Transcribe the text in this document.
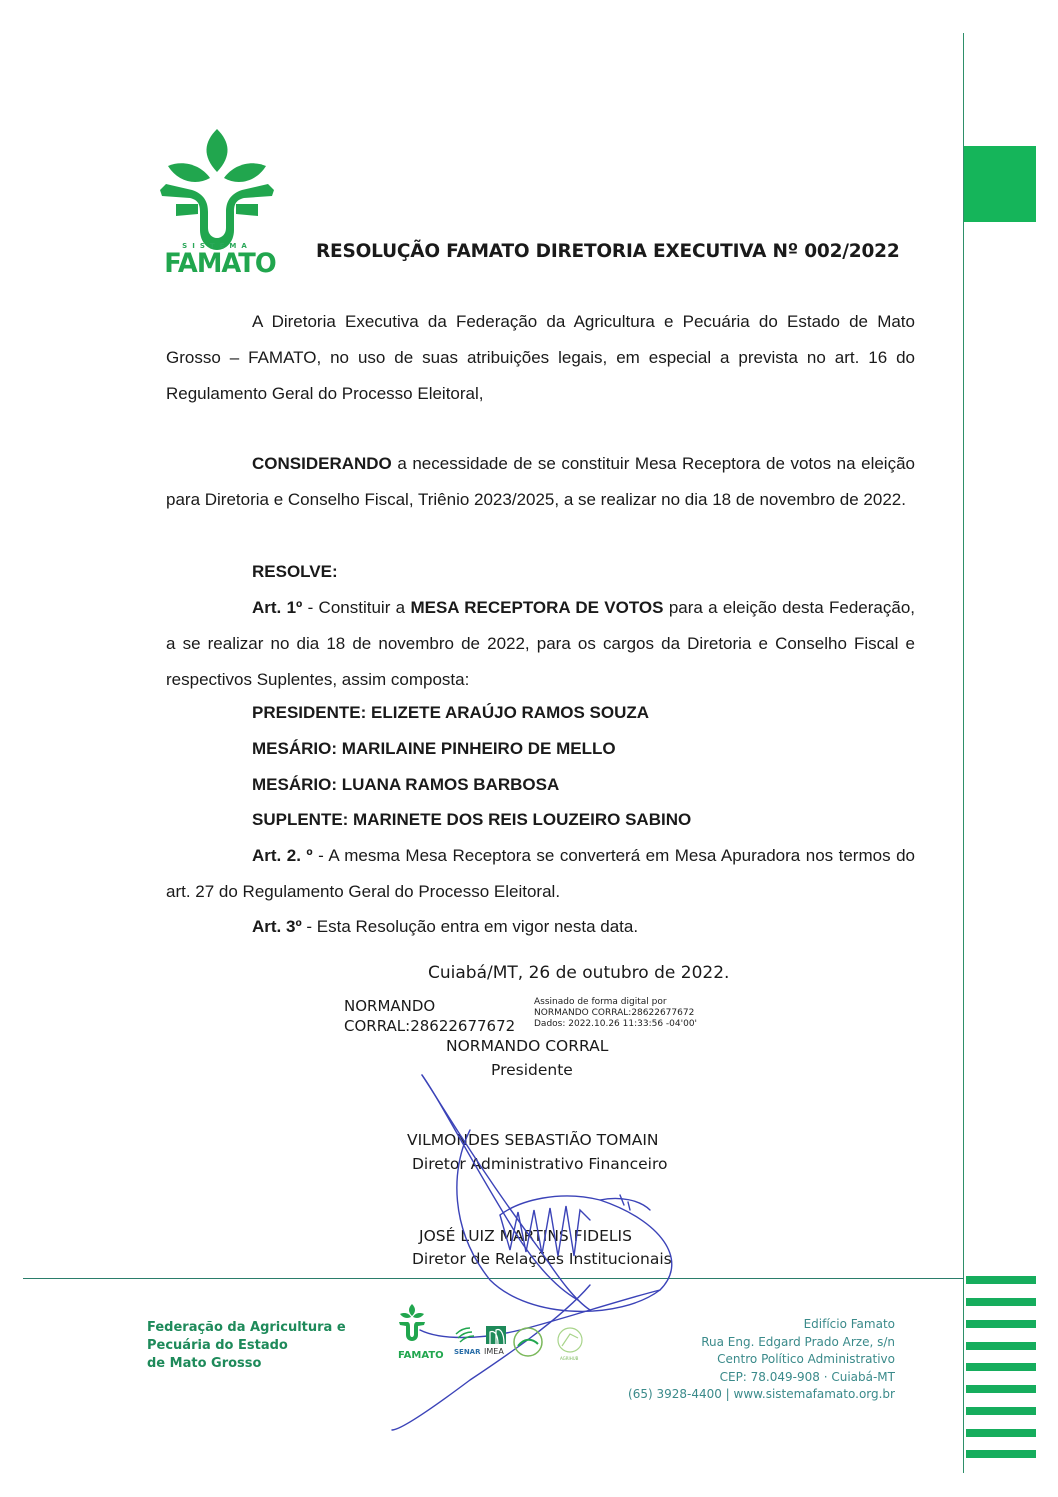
SISTEMA
FAMATO RESOLUÇÃO FAMATO DIRETORIA EXECUTIVA Nº 002/2022
A Diretoria Executiva da Federação da Agricultura e Pecuária do Estado de Mato Grosso – FAMATO, no uso de suas atribuições legais, em especial a prevista no art. 16 do Regulamento Geral do Processo Eleitoral,
CONSIDERANDO a necessidade de se constituir Mesa Receptora de votos na eleição para Diretoria e Conselho Fiscal, Triênio 2023/2025, a se realizar no dia 18 de novembro de 2022.
RESOLVE:
Art. 1º - Constituir a MESA RECEPTORA DE VOTOS para a eleição desta Federação, a se realizar no dia 18 de novembro de 2022, para os cargos da Diretoria e Conselho Fiscal e respectivos Suplentes, assim composta:
PRESIDENTE: ELIZETE ARAÚJO RAMOS SOUZA
MESÁRIO: MARILAINE PINHEIRO DE MELLO
MESÁRIO: LUANA RAMOS BARBOSA
SUPLENTE: MARINETE DOS REIS LOUZEIRO SABINO
Art. 2. º - A mesma Mesa Receptora se converterá em Mesa Apuradora nos termos do art. 27 do Regulamento Geral do Processo Eleitoral.
Art. 3º - Esta Resolução entra em vigor nesta data.
Cuiabá/MT, 26 de outubro de 2022.
NORMANDO
CORRAL:28622677672
Assinado de forma digital por
NORMANDO CORRAL:28622677672
Dados: 2022.10.26 11:33:56 -04'00'
NORMANDO CORRAL
Presidente
VILMONDES SEBASTIÃO TOMAIN
Diretor Administrativo Financeiro
JOSÉ LUIZ MARTINS FIDELIS
Diretor de Relações Institucionais
Federação da Agricultura e
Pecuária do Estado
de Mato Grosso
FAMATO SENAR IMEA
AGRIHUB
Edifício Famato
Rua Eng. Edgard Prado Arze, s/n
Centro Político Administrativo
CEP: 78.049-908 · Cuiabá-MT
(65) 3928-4400 | www.sistemafamato.org.br
